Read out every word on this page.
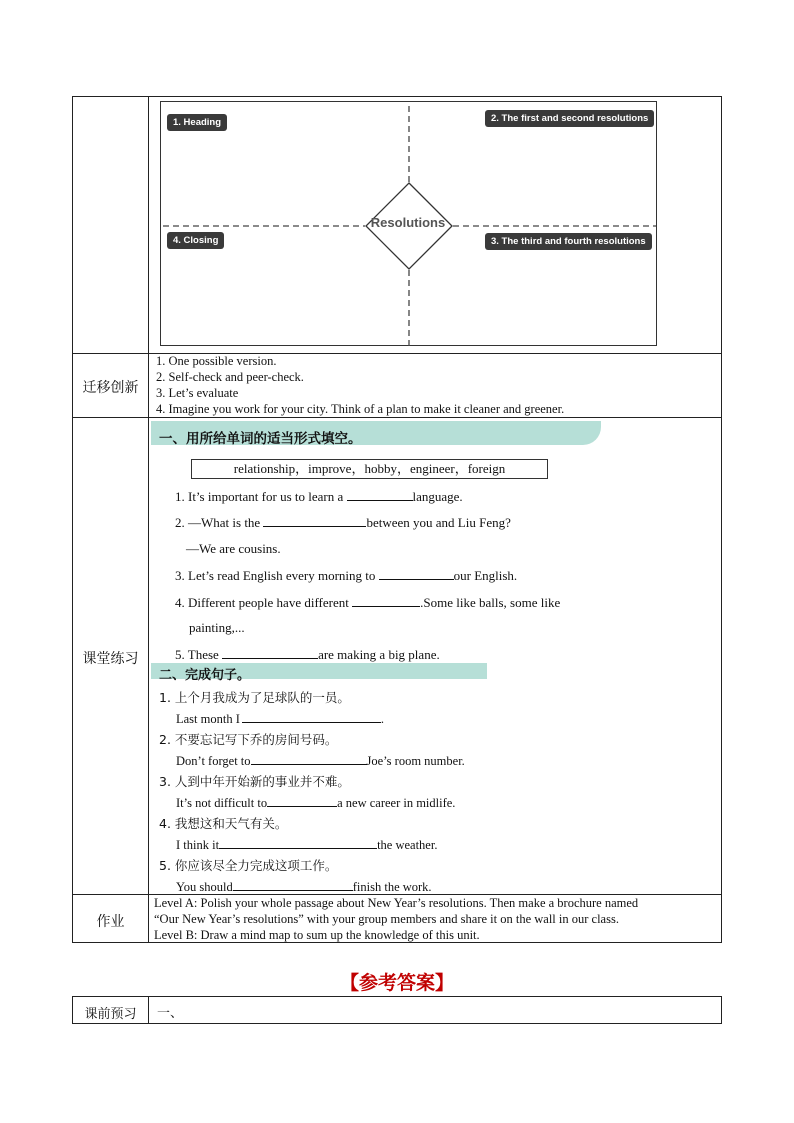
1. Heading	2. The first and second resolutions
3. The third and fourth resolutions
4. Closing
Resolutions
迁移创新
1. One possible version.
2. Self-check and peer-check.
3. Let’s evaluate
4. Imagine you work for your city. Think of a plan to make it cleaner and greener.
课堂练习
一、用所给单词的适当形式填空。
relationship，improve，hobby，engineer，foreign
1. It’s important for us to learn a	language.
2. —What is the	between you and Liu Feng?
—We are cousins.
3. Let’s read English every morning to	our English.
4. Different people have different	.Some like balls, some like
painting,...
5. These	are making a big plane.
二、完成句子。
1. 上个月我成为了足球队的一员。
Last month I	.
2. 不要忘记写下乔的房间号码。
Don’t forget to	Joe’s room number.
3. 人到中年开始新的事业并不难。
It’s not difficult to	a new career in midlife.
4. 我想这和天气有关。
I think it	the weather.
5. 你应该尽全力完成这项工作。
You should	finish the work.
作业
Level A: Polish your whole passage about New Year’s resolutions. Then make a brochure named
“Our New Year’s resolutions” with your group members and share it on the wall in our class.
Level B: Draw a mind map to sum up the knowledge of this unit.
【参考答案】
课前预习	一、
